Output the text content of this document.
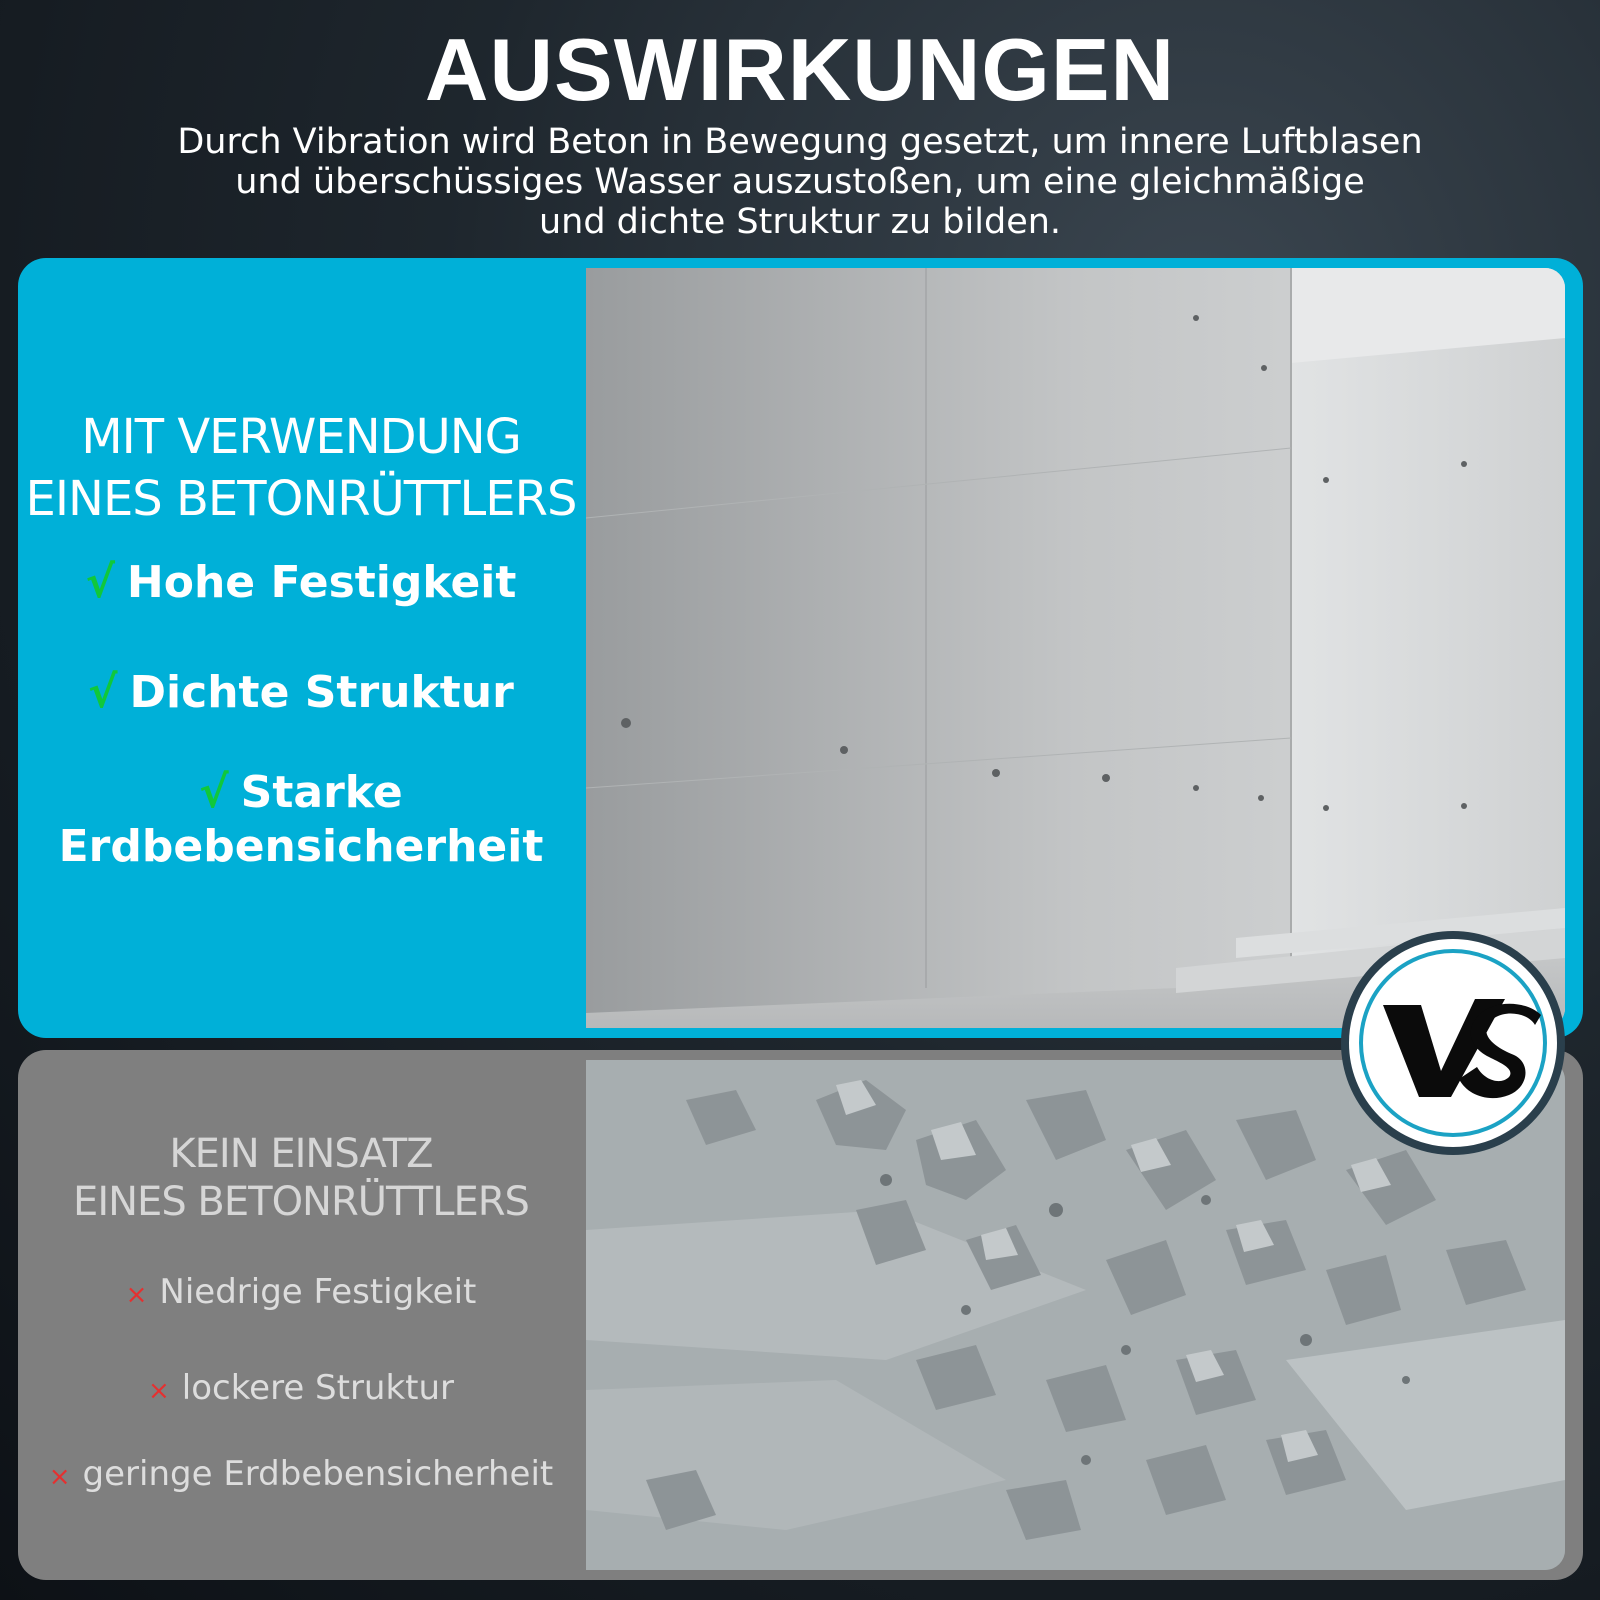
AUSWIRKUNGEN

Durch Vibration wird Beton in Bewegung gesetzt, um innere Luftblasen
und überschüssiges Wasser auszustoßen, um eine gleichmäßige
und dichte Struktur zu bilden.

MIT VERWENDUNG
EINES BETONRÜTTLERS
√ Hohe Festigkeit
√ Dichte Struktur
√ Starke
Erdbebensicherheit
KEIN EINSATZ
EINES BETONRÜTTLERS
× Niedrige Festigkeit
× lockere Struktur
× geringe Erdbebensicherheit
